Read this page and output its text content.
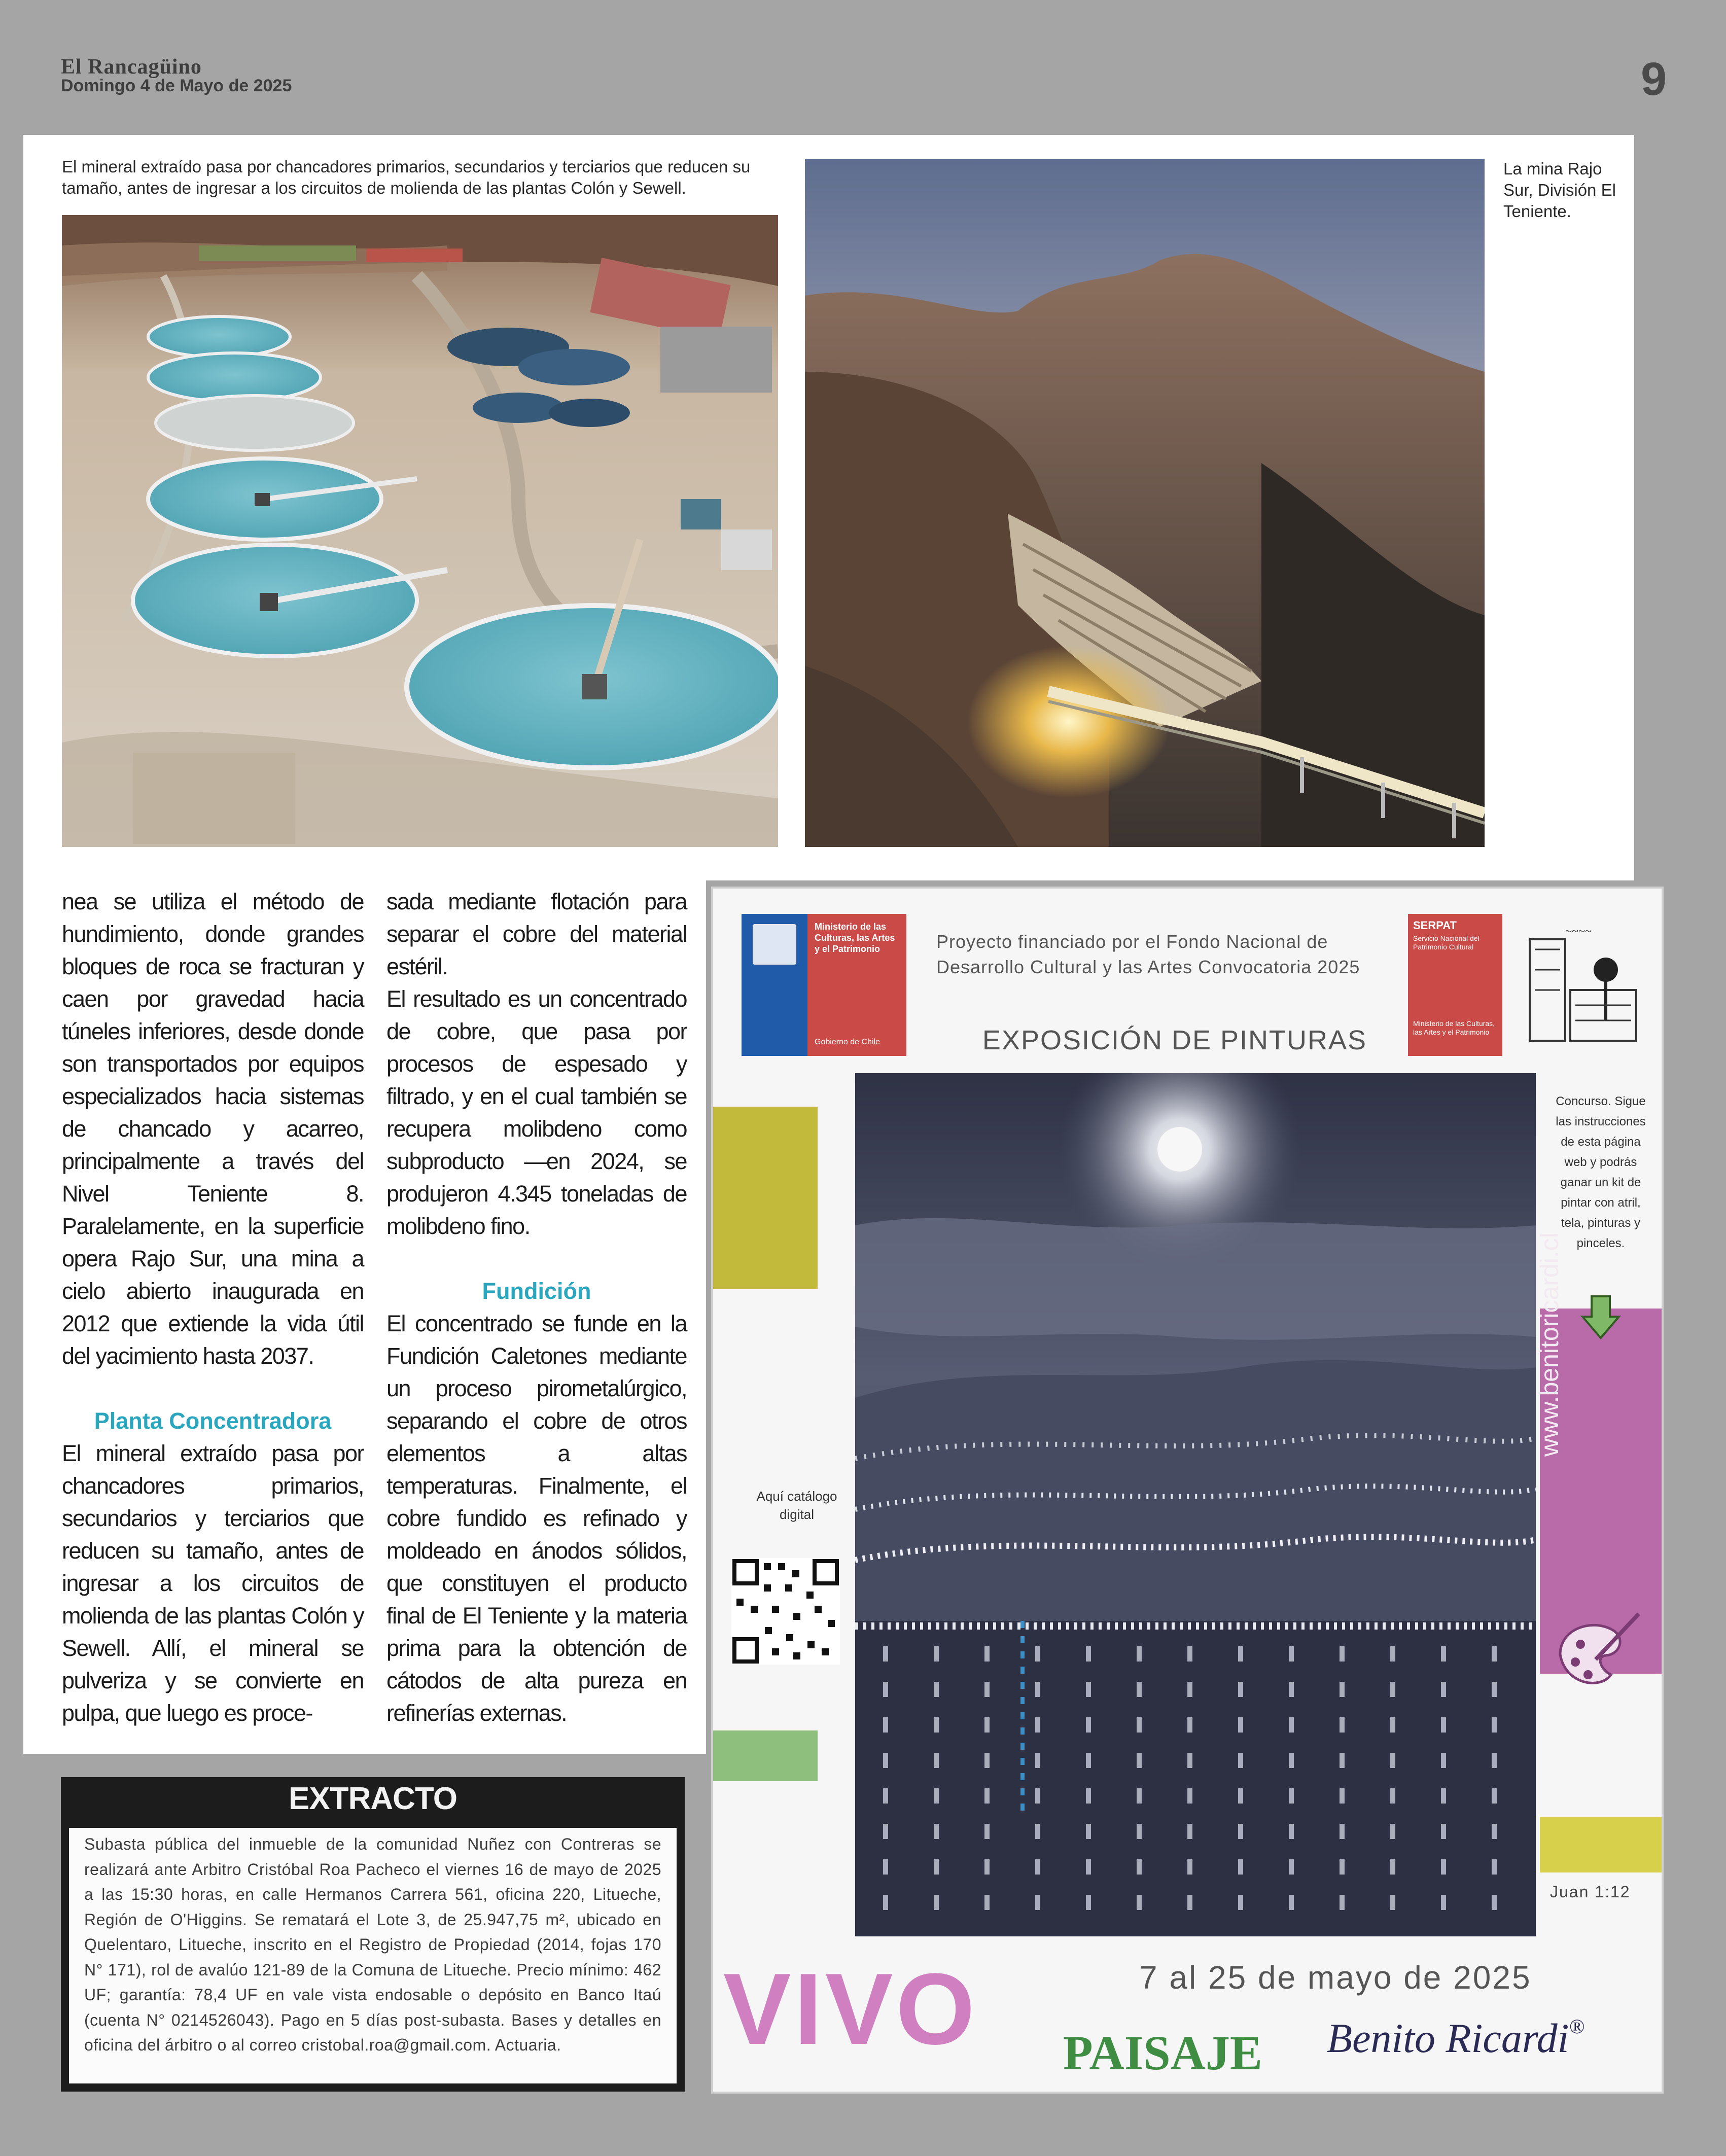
El Rancagüino
Domingo 4 de Mayo de 2025	9
El mineral extraído pasa por chancadores primarios, secundarios y terciarios que reducen su tamaño, antes de ingresar a los circuitos de molienda de las plantas Colón y Sewell.
La mina Rajo Sur, División El Teniente.
nea se utiliza el método de hundimiento, donde grandes bloques de roca se fracturan y caen por gravedad hacia túneles inferiores, desde donde son transportados por equipos especializados hacia sistemas de chancado y acarreo, principalmente a través del Nivel Teniente 8. Paralelamente, en la superficie opera Rajo Sur, una mina a cielo abierto inaugurada en 2012 que extiende la vida útil del yacimiento hasta 2037.
Planta Concentradora
El mineral extraído pasa por chancadores primarios, secundarios y terciarios que reducen su tamaño, antes de ingresar a los circuitos de molienda de las plantas Colón y Sewell. Allí, el mineral se pulveriza y se convierte en pulpa, que luego es proce-
sada mediante flotación para separar el cobre del material estéril.
El resultado es un concentrado de cobre, que pasa por procesos de espesado y filtrado, y en el cual también se recupera molibdeno como subproducto —en 2024, se produjeron 4.345 toneladas de molibdeno fino.
Fundición
El concentrado se funde en la Fundición Caletones mediante un proceso pirometalúrgico, separando el cobre de otros elementos a altas temperaturas. Finalmente, el cobre fundido es refinado y moldeado en ánodos sólidos, que constituyen el producto final de El Teniente y la materia prima para la obtención de cátodos de alta pureza en refinerías externas.
EXTRACTO
Subasta pública del inmueble de la comunidad Nuñez con Contreras se realizará ante Arbitro Cristóbal Roa Pacheco el viernes 16 de mayo de 2025 a las 15:30 horas, en calle Hermanos Carrera 561, oficina 220, Litueche, Región de O'Higgins. Se rematará el Lote 3, de 25.947,75 m², ubicado en Quelentaro, Litueche, inscrito en el Registro de Propiedad (2014, fojas 170 N° 171), rol de avalúo 121-89 de la Comuna de Litueche. Precio mínimo: 462 UF; garantía: 78,4 UF en vale vista endosable o depósito en Banco Itaú (cuenta N° 0214526043). Pago en 5 días post-subasta. Bases y detalles en oficina del árbitro o al correo cristobal.roa@gmail.com. Actuaria.
Ministerio de las Culturas, las Artes y el Patrimonio
Gobierno de Chile
Proyecto financiado por el Fondo Nacional de Desarrollo Cultural y las Artes Convocatoria 2025
SERPAT
Servicio Nacional del Patrimonio Cultural
Ministerio de las Culturas, las Artes y el Patrimonio
~~~~
EXPOSICIÓN DE PINTURAS
Concurso. Sigue las instrucciones de esta página web y podrás ganar un kit de pintar con atril, tela, pinturas y pinceles.
www.benitoricardi.cl
Aquí catálogo digital
Juan 1:12
VIVO PAISAJE
7 al 25 de mayo de 2025
Benito Ricardi®
